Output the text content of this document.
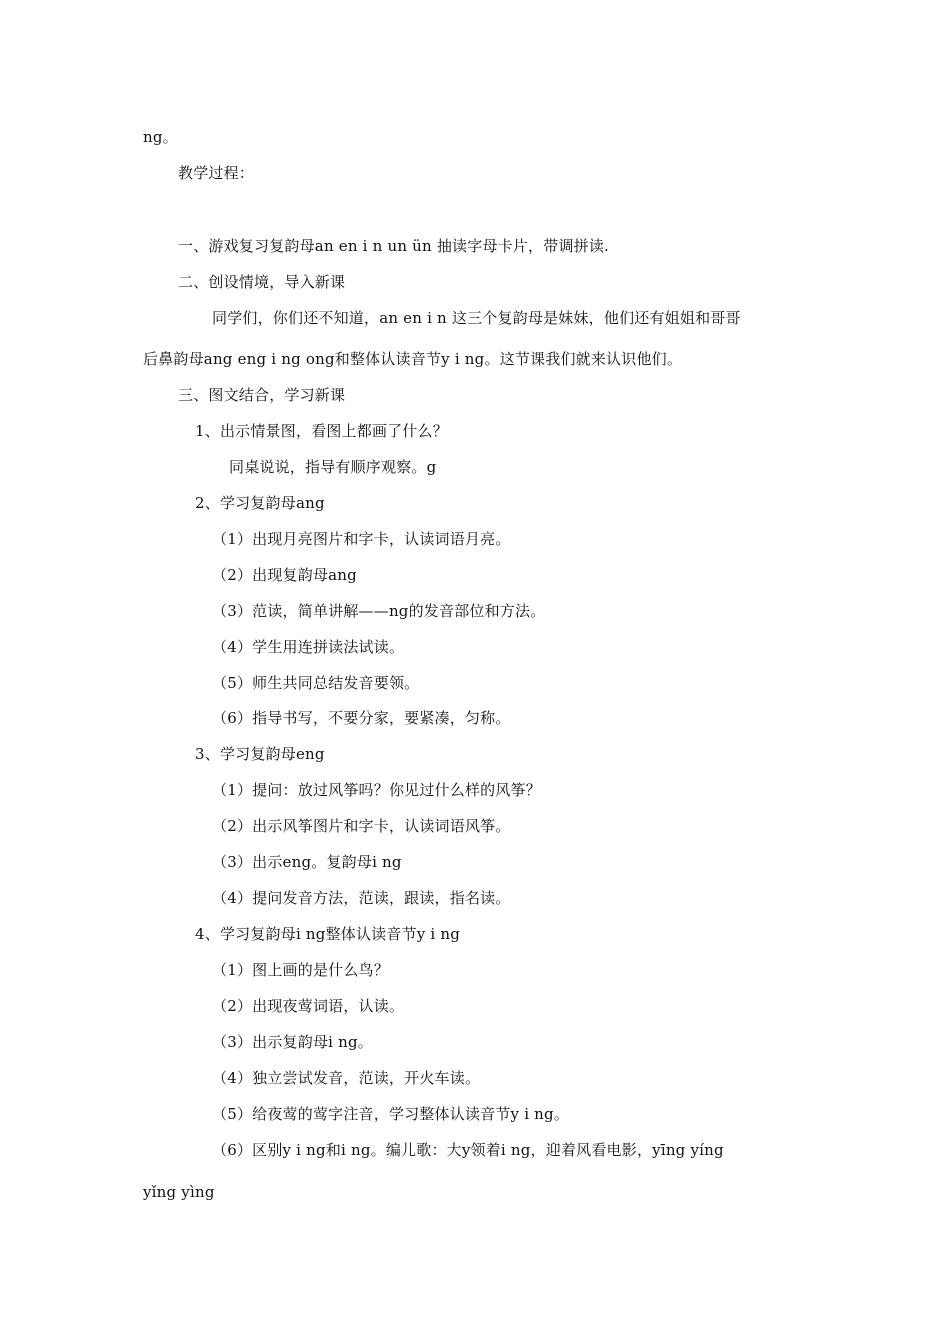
ng。
教学过程：
一、游戏复习复韵母an en i n un ün 抽读字母卡片，带调拼读.
二、创设情境，导入新课
同学们，你们还不知道，an en i n 这三个复韵母是妹妹，他们还有姐姐和哥哥
后鼻韵母ang eng i ng ong和整体认读音节y i ng。这节课我们就来认识他们。
三、图文结合，学习新课
1、出示情景图，看图上都画了什么？
同桌说说，指导有顺序观察。g
2、学习复韵母ang
（1）出现月亮图片和字卡，认读词语月亮。
（2）出现复韵母ang
（3）范读，简单讲解——ng的发音部位和方法。
（4）学生用连拼读法试读。
（5）师生共同总结发音要领。
（6）指导书写，不要分家，要紧凑，匀称。
3、学习复韵母eng
（1）提问：放过风筝吗？你见过什么样的风筝？
（2）出示风筝图片和字卡，认读词语风筝。
（3）出示eng。复韵母i ng
（4）提问发音方法，范读，跟读，指名读。
4、学习复韵母i ng整体认读音节y i ng
（1）图上画的是什么鸟？
（2）出现夜莺词语，认读。
（3）出示复韵母i ng。
（4）独立尝试发音，范读，开火车读。
（5）给夜莺的莺字注音，学习整体认读音节y i ng。
（6）区别y i ng和i ng。编儿歌：大y领着i ng，迎着风看电影，yīng yíng
yǐng yìng
